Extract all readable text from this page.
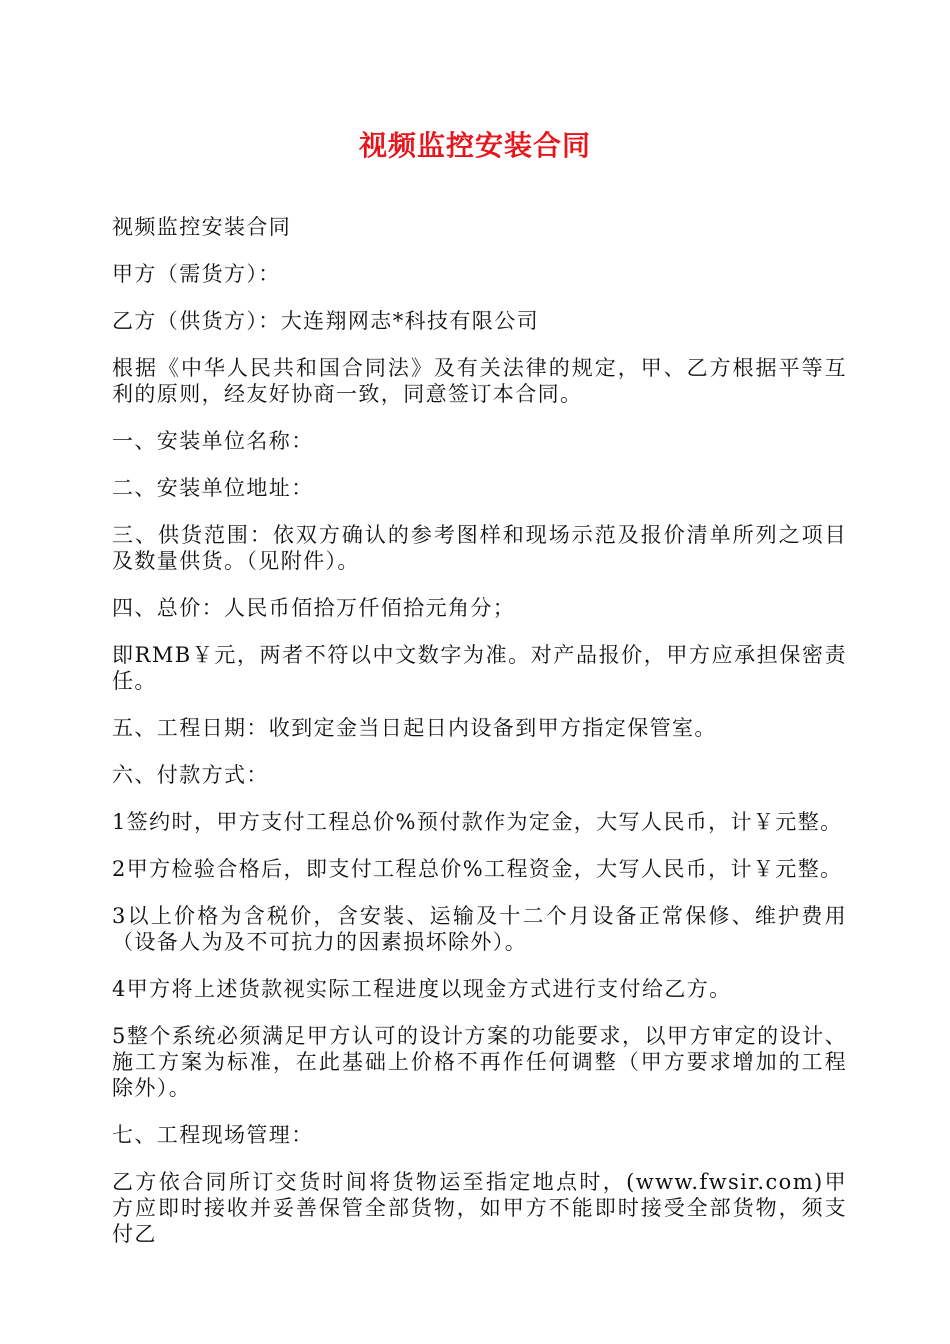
视频监控安装合同

视频监控安装合同

甲方（需货方）：

乙方（供货方）：大连翔网志*科技有限公司

根据《中华人民共和国合同法》及有关法律的规定，甲、乙方根据平等互利的原则，经友好协商一致，同意签订本合同。

一、安装单位名称：

二、安装单位地址：

三、供货范围：依双方确认的参考图样和现场示范及报价清单所列之项目及数量供货。（见附件）。

四、总价：人民币佰拾万仟佰拾元角分；

即RMB￥元，两者不符以中文数字为准。对产品报价，甲方应承担保密责任。

五、工程日期：收到定金当日起日内设备到甲方指定保管室。

六、付款方式：

1签约时，甲方支付工程总价%预付款作为定金，大写人民币，计￥元整。

2甲方检验合格后，即支付工程总价%工程资金，大写人民币，计￥元整。

3以上价格为含税价，含安装、运输及十二个月设备正常保修、维护费用（设备人为及不可抗力的因素损坏除外）。

4甲方将上述货款视实际工程进度以现金方式进行支付给乙方。

5整个系统必须满足甲方认可的设计方案的功能要求，以甲方审定的设计、施工方案为标准，在此基础上价格不再作任何调整（甲方要求增加的工程除外）。

七、工程现场管理：

乙方依合同所订交货时间将货物运至指定地点时，(www.fwsir.com)甲方应即时接收并妥善保管全部货物，如甲方不能即时接受全部货物，须支付乙
